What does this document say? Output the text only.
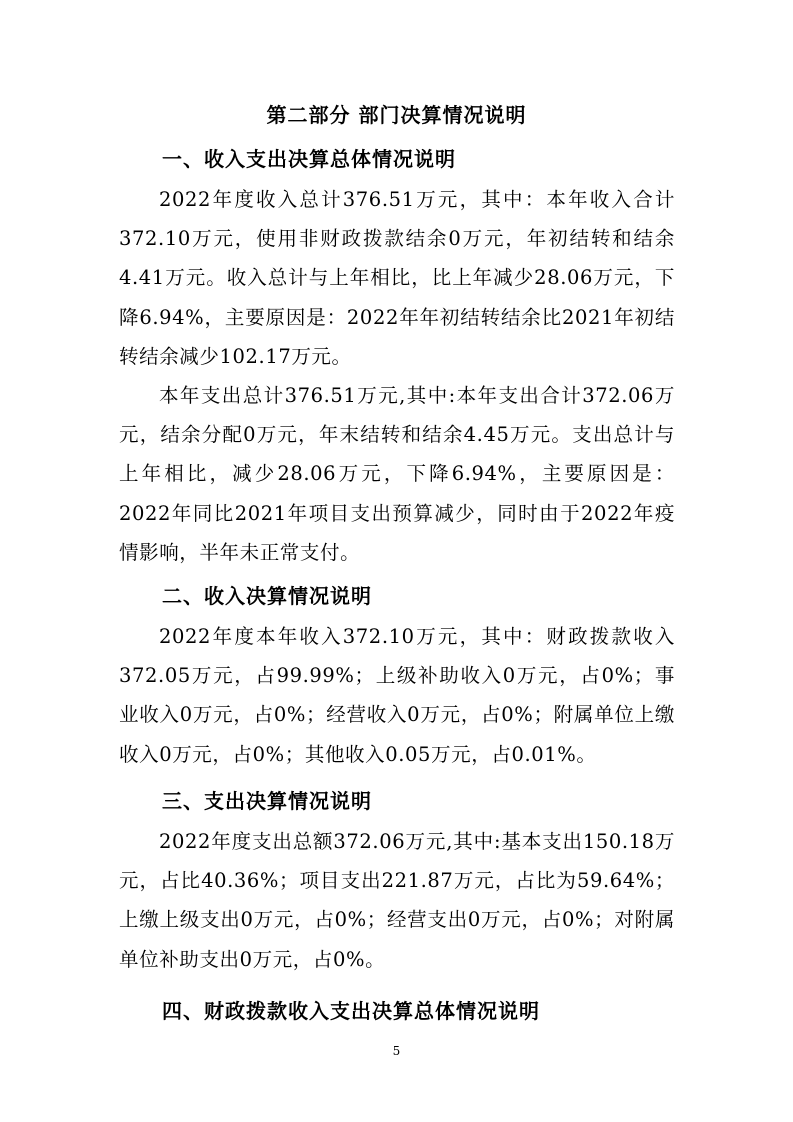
第二部分 部门决算情况说明
一、收入支出决算总体情况说明
2022年度收入总计376.51万元，其中：本年收入合计372.10万元，使用非财政拨款结余0万元，年初结转和结余4.41万元。收入总计与上年相比，比上年减少28.06万元，下降6.94%，主要原因是：2022年年初结转结余比2021年初结转结余减少102.17万元。
本年支出总计376.51万元,其中:本年支出合计372.06万元，结余分配0万元，年末结转和结余4.45万元。支出总计与上年相比，减少28.06万元，下降6.94%，主要原因是：2022年同比2021年项目支出预算减少，同时由于2022年疫情影响，半年未正常支付。
二、收入决算情况说明
2022年度本年收入372.10万元，其中：财政拨款收入372.05万元，占99.99%；上级补助收入0万元，占0%；事业收入0万元，占0%；经营收入0万元，占0%；附属单位上缴收入0万元，占0%；其他收入0.05万元，占0.01%。
三、支出决算情况说明
2022年度支出总额372.06万元,其中:基本支出150.18万元，占比40.36%；项目支出221.87万元，占比为59.64%；上缴上级支出0万元，占0%；经营支出0万元，占0%；对附属单位补助支出0万元，占0%。
四、财政拨款收入支出决算总体情况说明
5
